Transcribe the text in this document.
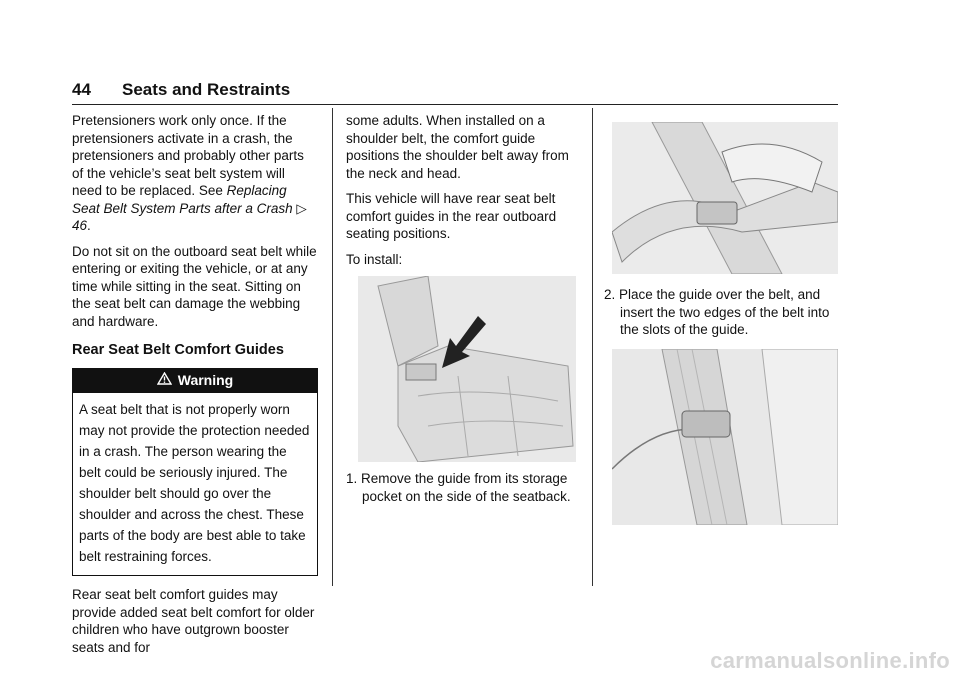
44 Seats and Restraints

Pretensioners work only once. If the pretensioners activate in a crash, the pretensioners and probably other parts of the vehicle’s seat belt system will need to be replaced. See Replacing Seat Belt System Parts after a Crash ▷ 46.

Do not sit on the outboard seat belt while entering or exiting the vehicle, or at any time while sitting in the seat. Sitting on the seat belt can damage the webbing and hardware.

Rear Seat Belt Comfort Guides
Warning
A seat belt that is not properly worn may not provide the protection needed in a crash. The person wearing the belt could be seriously injured. The shoulder belt should go over the shoulder and across the chest. These parts of the body are best able to take belt restraining forces.

Rear seat belt comfort guides may provide added seat belt comfort for older children who have outgrown booster seats and for

some adults. When installed on a shoulder belt, the comfort guide positions the shoulder belt away from the neck and head.

This vehicle will have rear seat belt comfort guides in the rear outboard seating positions.

To install:

1. Remove the guide from its storage pocket on the side of the seatback.

2. Place the guide over the belt, and insert the two edges of the belt into the slots of the guide.

carmanualsonline.info
